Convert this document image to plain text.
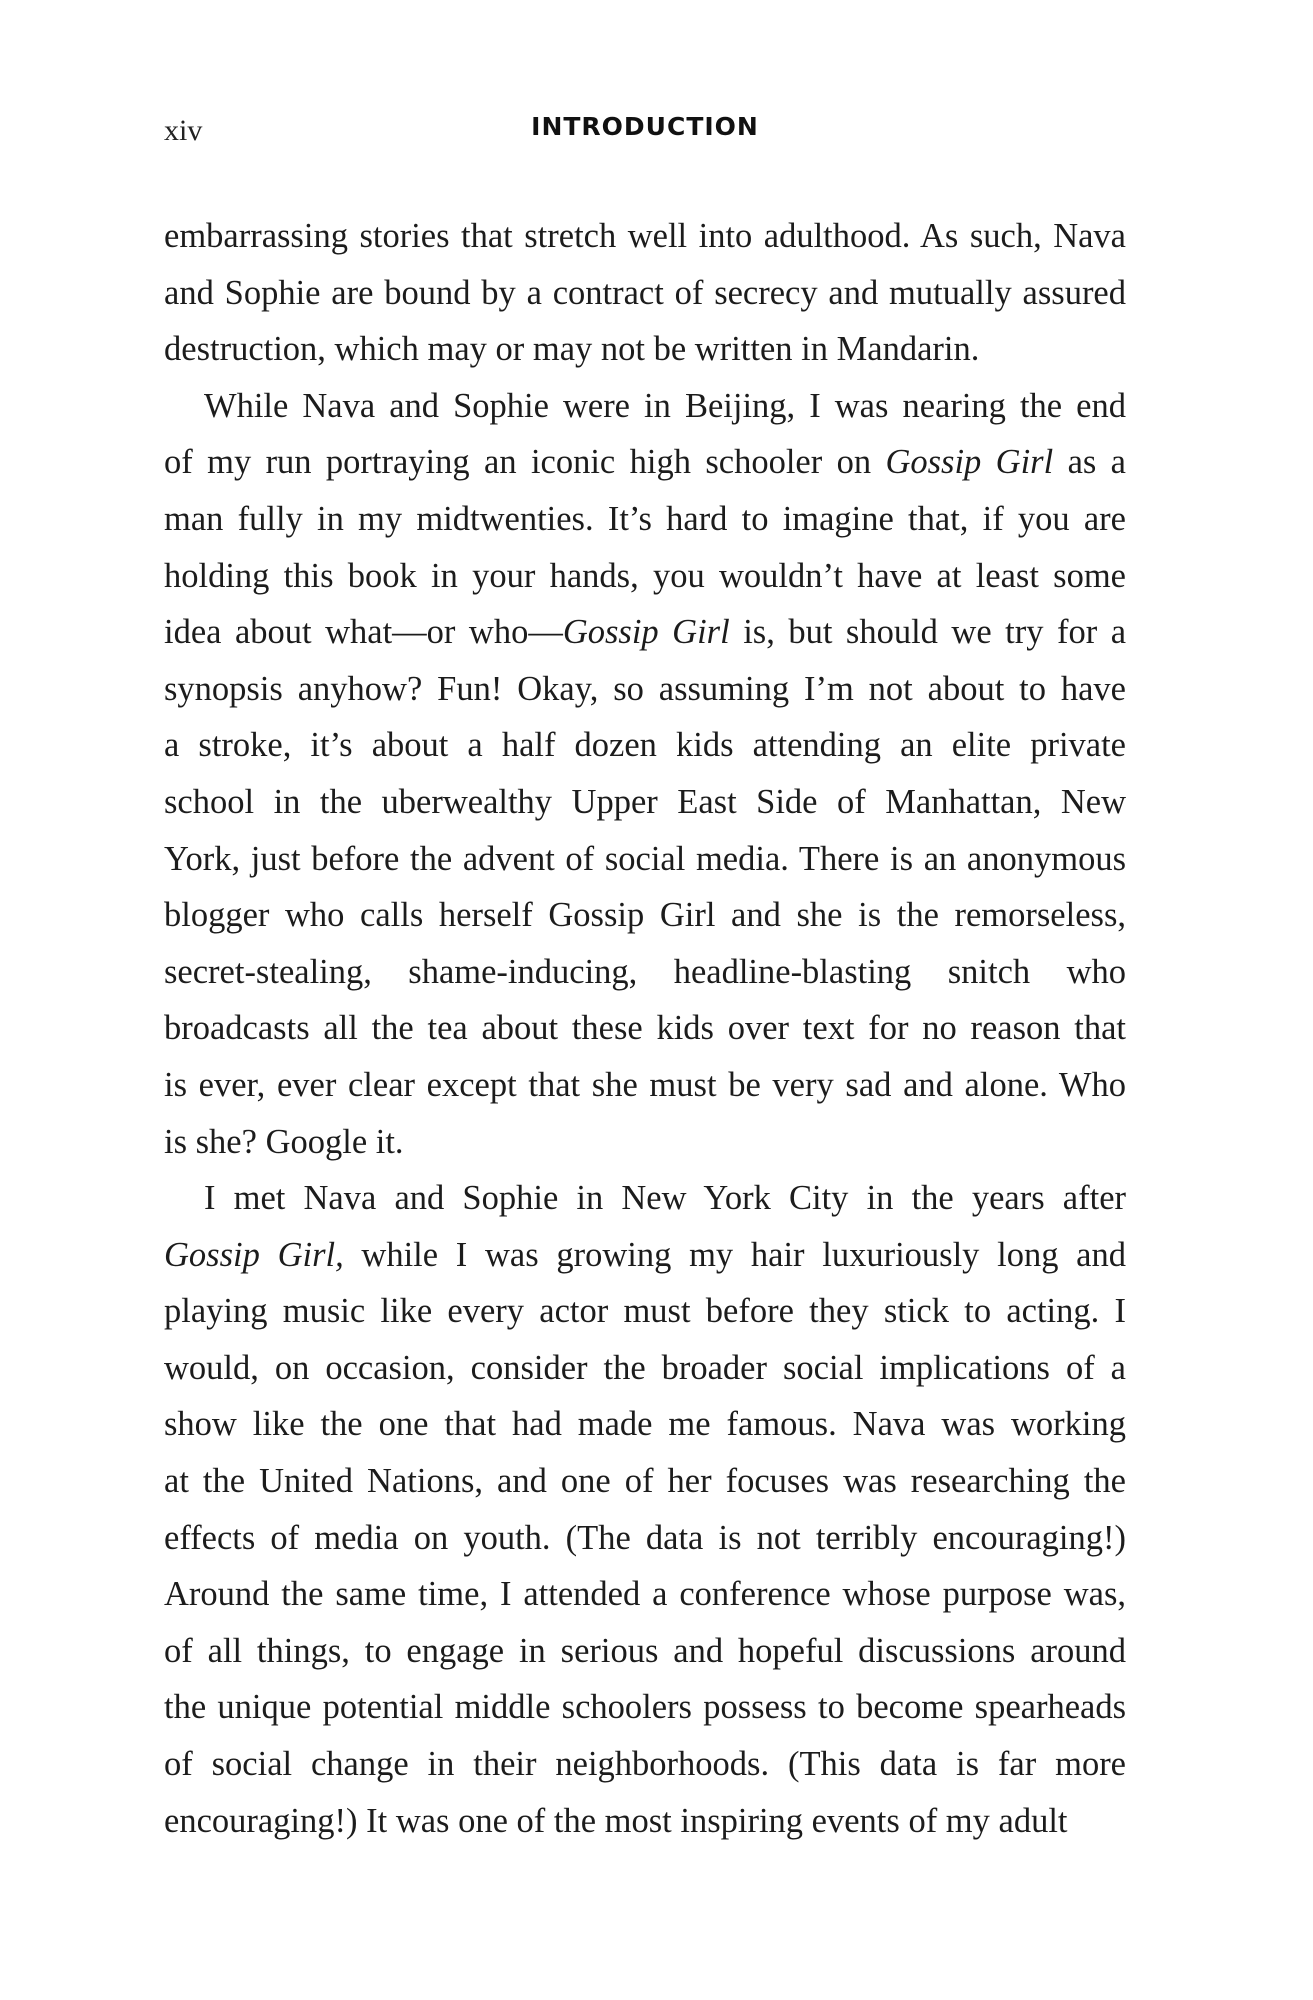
xiv	INTRODUCTION
embarrassing stories that stretch well into adulthood. As such, Nava
and Sophie are bound by a contract of secrecy and mutually assured
destruction, which may or may not be written in Mandarin.
While Nava and Sophie were in Beijing, I was nearing the end
of my run portraying an iconic high schooler on Gossip Girl as a
man fully in my midtwenties. It’s hard to imagine that, if you are
holding this book in your hands, you wouldn’t have at least some
idea about what—or who—Gossip Girl is, but should we try for a
synopsis anyhow? Fun! Okay, so assuming I’m not about to have
a stroke, it’s about a half dozen kids attending an elite private
school in the uberwealthy Upper East Side of Manhattan, New
York, just before the advent of social media. There is an anonymous
blogger who calls herself Gossip Girl and she is the remorseless,
secret-stealing, shame-inducing, headline-blasting snitch who
broadcasts all the tea about these kids over text for no reason that
is ever, ever clear except that she must be very sad and alone. Who
is she? Google it.
I met Nava and Sophie in New York City in the years after
Gossip Girl, while I was growing my hair luxuriously long and
playing music like every actor must before they stick to acting. I
would, on occasion, consider the broader social implications of a
show like the one that had made me famous. Nava was working
at the United Nations, and one of her focuses was researching the
effects of media on youth. (The data is not terribly encouraging!)
Around the same time, I attended a conference whose purpose was,
of all things, to engage in serious and hopeful discussions around
the unique potential middle schoolers possess to become spearheads
of social change in their neighborhoods. (This data is far more
encouraging!) It was one of the most inspiring events of my adult
